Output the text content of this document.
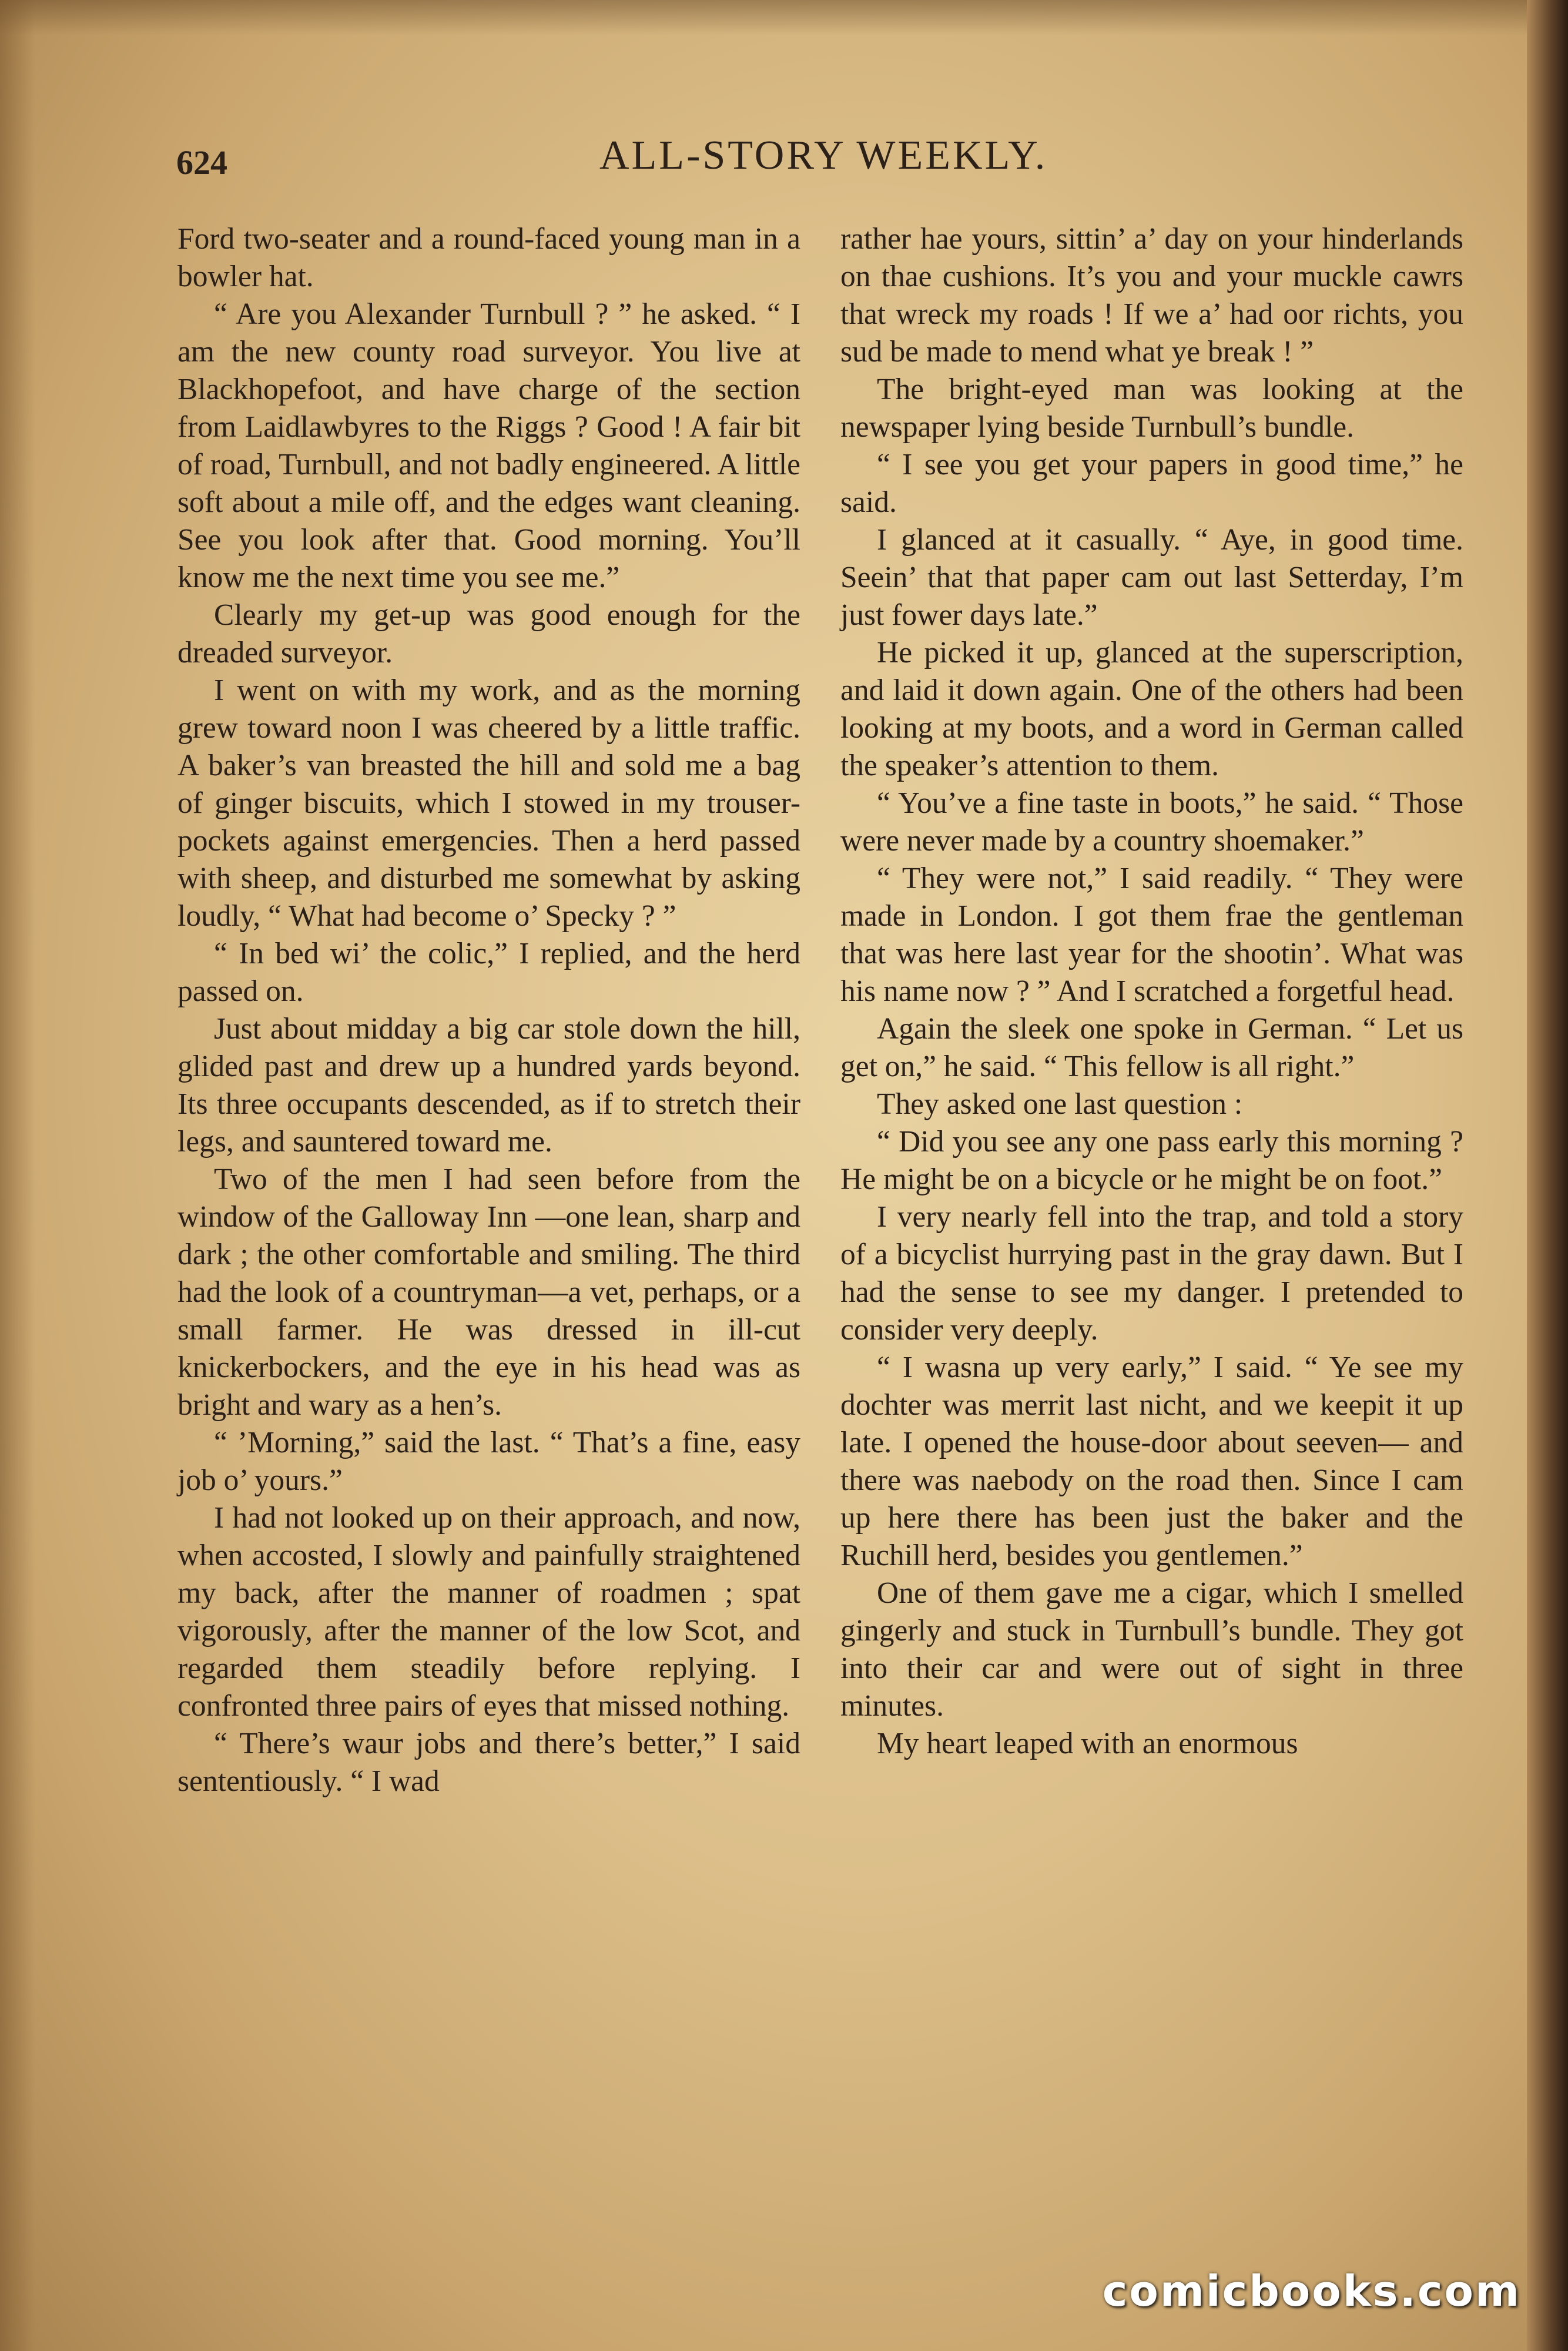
624	ALL-STORY WEEKLY.

Ford two-seater and a round-faced young man in a bowler hat.

“ Are you Alexander Turnbull ? ” he asked. “ I am the new county road surveyor. You live at Blackhopefoot, and have charge of the section from Laidlawbyres to the Riggs ? Good ! A fair bit of road, Turnbull, and not badly engineered. A little soft about a mile off, and the edges want cleaning. See you look after that. Good morning. You’ll know me the next time you see me.”

Clearly my get-up was good enough for the dreaded surveyor.

I went on with my work, and as the morning grew toward noon I was cheered by a little traffic. A baker’s van breasted the hill and sold me a bag of ginger biscuits, which I stowed in my trouser-pockets against emergencies. Then a herd passed with sheep, and disturbed me somewhat by asking loudly, “ What had become o’ Specky ? ”

“ In bed wi’ the colic,” I replied, and the herd passed on.

Just about midday a big car stole down the hill, glided past and drew up a hundred yards beyond. Its three occupants descended, as if to stretch their legs, and sauntered toward me.

Two of the men I had seen before from the window of the Galloway Inn —one lean, sharp and dark ; the other comfortable and smiling. The third had the look of a countryman—a vet, perhaps, or a small farmer. He was dressed in ill-cut knickerbockers, and the eye in his head was as bright and wary as a hen’s.

“ ’Morning,” said the last. “ That’s a fine, easy job o’ yours.”

I had not looked up on their approach, and now, when accosted, I slowly and painfully straightened my back, after the manner of roadmen ; spat vigorously, after the manner of the low Scot, and regarded them steadily before replying. I confronted three pairs of eyes that missed nothing.

“ There’s waur jobs and there’s better,” I said sententiously. “ I wad

rather hae yours, sittin’ a’ day on your hinderlands on thae cushions. It’s you and your muckle cawrs that wreck my roads ! If we a’ had oor richts, you sud be made to mend what ye break ! ”

The bright-eyed man was looking at the newspaper lying beside Turnbull’s bundle.

“ I see you get your papers in good time,” he said.

I glanced at it casually. “ Aye, in good time. Seein’ that that paper cam out last Setterday, I’m just fower days late.”

He picked it up, glanced at the superscription, and laid it down again. One of the others had been looking at my boots, and a word in German called the speaker’s attention to them.

“ You’ve a fine taste in boots,” he said. “ Those were never made by a country shoemaker.”

“ They were not,” I said readily. “ They were made in London. I got them frae the gentleman that was here last year for the shootin’. What was his name now ? ” And I scratched a forgetful head.

Again the sleek one spoke in German. “ Let us get on,” he said. “ This fellow is all right.”

They asked one last question :

“ Did you see any one pass early this morning ? He might be on a bicycle or he might be on foot.”

I very nearly fell into the trap, and told a story of a bicyclist hurrying past in the gray dawn. But I had the sense to see my danger. I pretended to consider very deeply.

“ I wasna up very early,” I said. “ Ye see my dochter was merrit last nicht, and we keepit it up late. I opened the house-door about seeven— and there was naebody on the road then. Since I cam up here there has been just the baker and the Ruchill herd, besides you gentlemen.”

One of them gave me a cigar, which I smelled gingerly and stuck in Turnbull’s bundle. They got into their car and were out of sight in three minutes.

My heart leaped with an enormous

comicbooks.com
